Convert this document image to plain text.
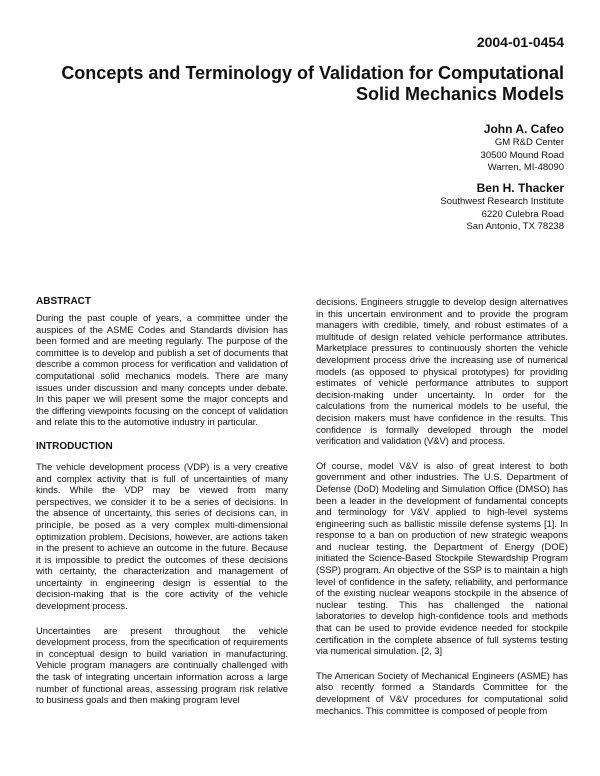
2004-01-0454
Concepts and Terminology of Validation for Computational Solid Mechanics Models
John A. Cafeo
GM R&D Center
30500 Mound Road
Warren, MI-48090
Ben H. Thacker
Southwest Research Institute
6220 Culebra Road
San Antonio, TX 78238
ABSTRACT

During the past couple of years, a committee under the auspices of the ASME Codes and Standards division has been formed and are meeting regularly. The purpose of the committee is to develop and publish a set of documents that describe a common process for verification and validation of computational solid mechanics models. There are many issues under discussion and many concepts under debate. In this paper we will present some the major concepts and the differing viewpoints focusing on the concept of validation and relate this to the automotive industry in particular.

INTRODUCTION

The vehicle development process (VDP) is a very creative and complex activity that is full of uncertainties of many kinds. While the VDP may be viewed from many perspectives, we consider it to be a series of decisions. In the absence of uncertainty, this series of decisions can, in principle, be posed as a very complex multi-dimensional optimization problem. Decisions, however, are actions taken in the present to achieve an outcome in the future. Because it is impossible to predict the outcomes of these decisions with certainty, the characterization and management of uncertainty in engineering design is essential to the decision-making that is the core activity of the vehicle development process.

Uncertainties are present throughout the vehicle development process, from the specification of requirements in conceptual design to build variation in manufacturing. Vehicle program managers are continually challenged with the task of integrating uncertain information across a large number of functional areas, assessing program risk relative to business goals and then making program level

decisions. Engineers struggle to develop design alternatives in this uncertain environment and to provide the program managers with credible, timely, and robust estimates of a multitude of design related vehicle performance attributes. Marketplace pressures to continuously shorten the vehicle development process drive the increasing use of numerical models (as opposed to physical prototypes) for providing estimates of vehicle performance attributes to support decision-making under uncertainty. In order for the calculations from the numerical models to be useful, the decision makers must have confidence in the results. This confidence is formally developed through the model verification and validation (V&V) and process.

Of course, model V&V is also of great interest to both government and other industries. The U.S. Department of Defense (DoD) Modeling and Simulation Office (DMSO) has been a leader in the development of fundamental concepts and terminology for V&V applied to high-level systems engineering such as ballistic missile defense systems [1]. In response to a ban on production of new strategic weapons and nuclear testing, the Department of Energy (DOE) initiated the Science-Based Stockpile Stewardship Program (SSP) program. An objective of the SSP is to maintain a high level of confidence in the safety, reliability, and performance of the existing nuclear weapons stockpile in the absence of nuclear testing. This has challenged the national laboratories to develop high-confidence tools and methods that can be used to provide evidence needed for stockpile certification in the complete absence of full systems testing via numerical simulation. [2, 3]

The American Society of Mechanical Engineers (ASME) has also recently formed a Standards Committee for the development of V&V procedures for computational solid mechanics. This committee is composed of people from
